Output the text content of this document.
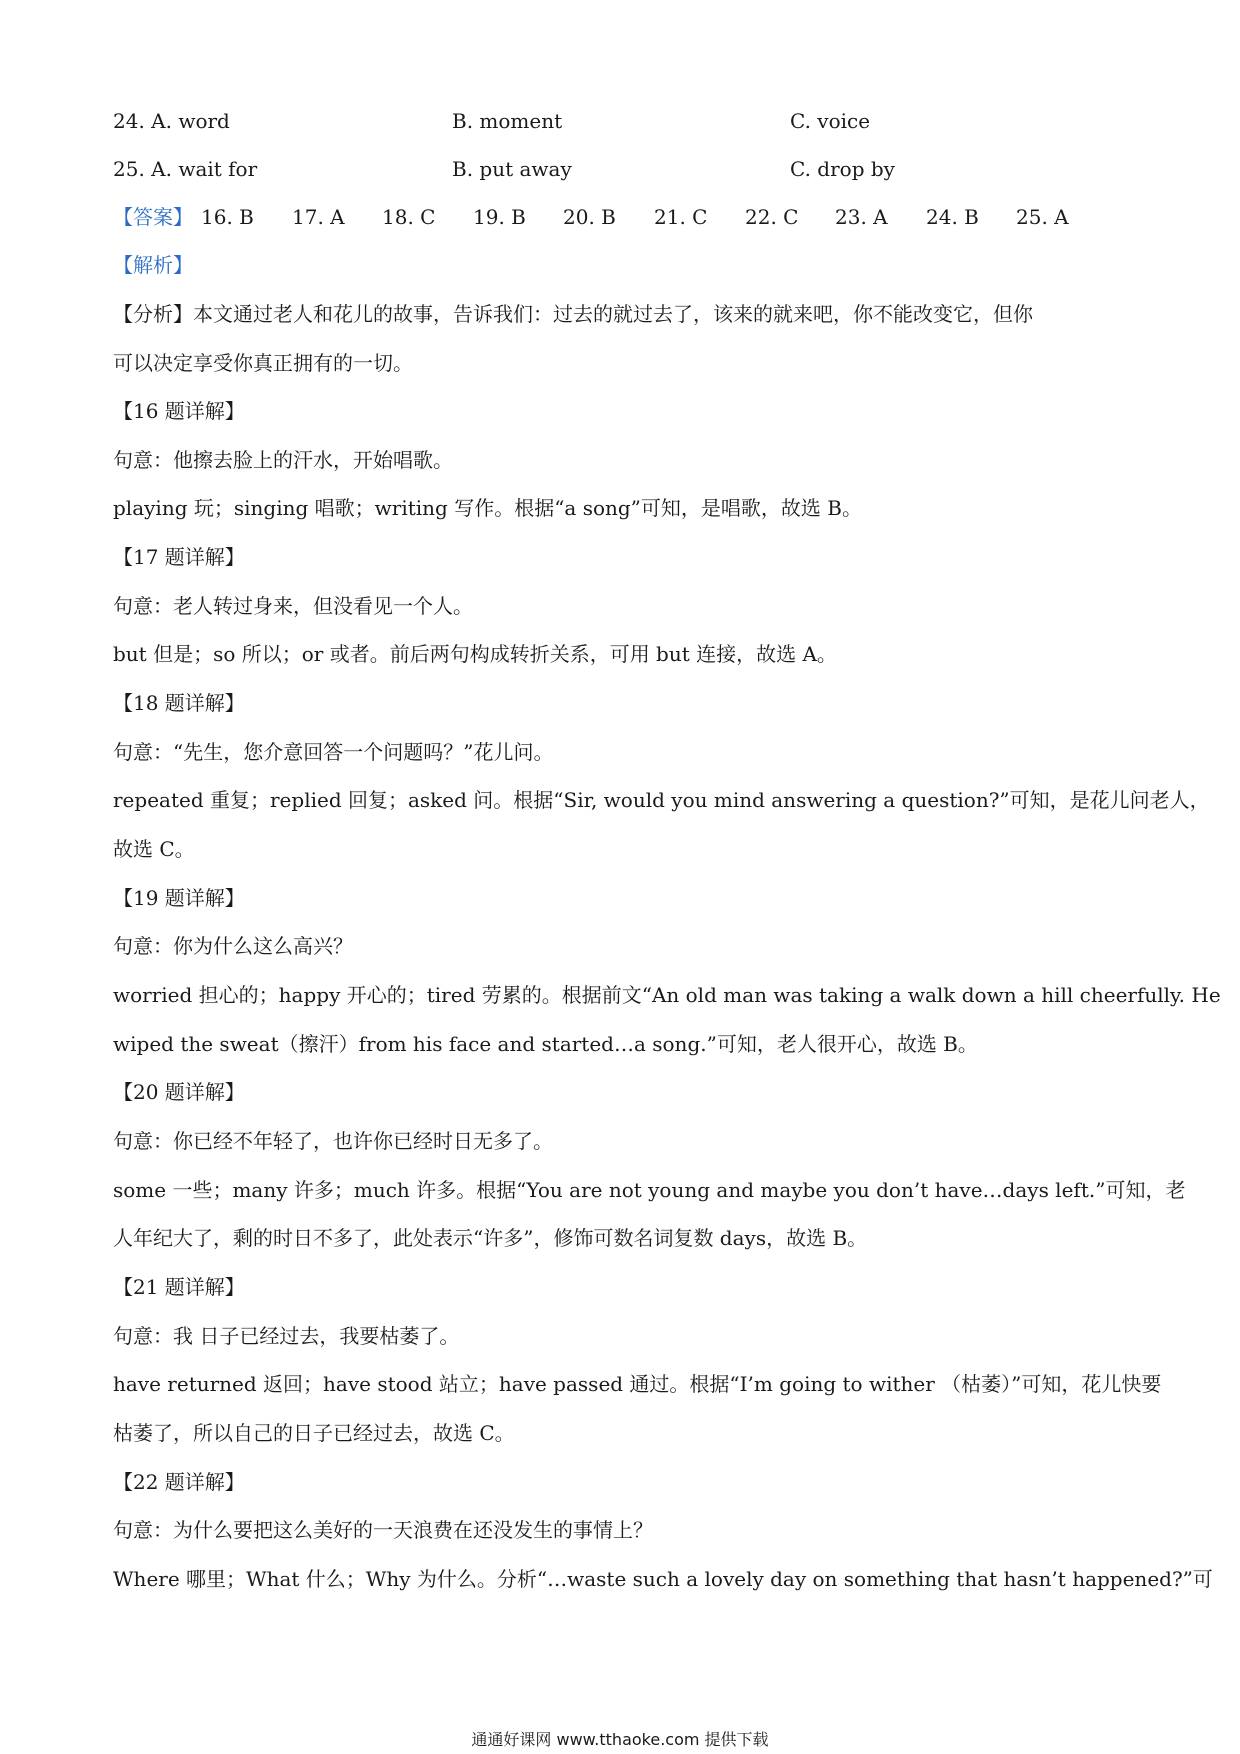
24. A. word	B. moment	C. voice
25. A. wait for	B. put away	C. drop by
【答案】 16. B 17. A 18. C 19. B 20. B 21. C 22. C 23. A 24. B 25. A
【解析】
【分析】本文通过老人和花儿的故事，告诉我们：过去的就过去了，该来的就来吧，你不能改变它，但你
可以决定享受你真正拥有的一切。
【16 题详解】
句意：他擦去脸上的汗水，开始唱歌。
playing 玩；singing 唱歌；writing 写作。根据“a song”可知，是唱歌，故选 B。
【17 题详解】
句意：老人转过身来，但没看见一个人。
but 但是；so 所以；or 或者。前后两句构成转折关系，可用 but 连接，故选 A。
【18 题详解】
句意：“先生，您介意回答一个问题吗？”花儿问。
repeated 重复；replied 回复；asked 问。根据“Sir, would you mind answering a question?”可知，是花儿问老人，
故选 C。
【19 题详解】
句意：你为什么这么高兴？
worried 担心的；happy 开心的；tired 劳累的。根据前文“An old man was taking a walk down a hill cheerfully. He
wiped the sweat（擦汗）from his face and started…a song.”可知，老人很开心，故选 B。
【20 题详解】
句意：你已经不年轻了，也许你已经时日无多了。
some 一些；many 许多；much 许多。根据“You are not young and maybe you don’t have…days left.”可知，老
人年纪大了，剩的时日不多了，此处表示“许多”，修饰可数名词复数 days，故选 B。
【21 题详解】
句意：我 日子已经过去，我要枯萎了。
have returned 返回；have stood 站立；have passed 通过。根据“I’m going to wither （枯萎）”可知，花儿快要
枯萎了，所以自己的日子已经过去，故选 C。
【22 题详解】
句意：为什么要把这么美好的一天浪费在还没发生的事情上？
Where 哪里；What 什么；Why 为什么。分析“…waste such a lovely day on something that hasn’t happened?”可
通通好课网 www.tthaoke.com 提供下载
